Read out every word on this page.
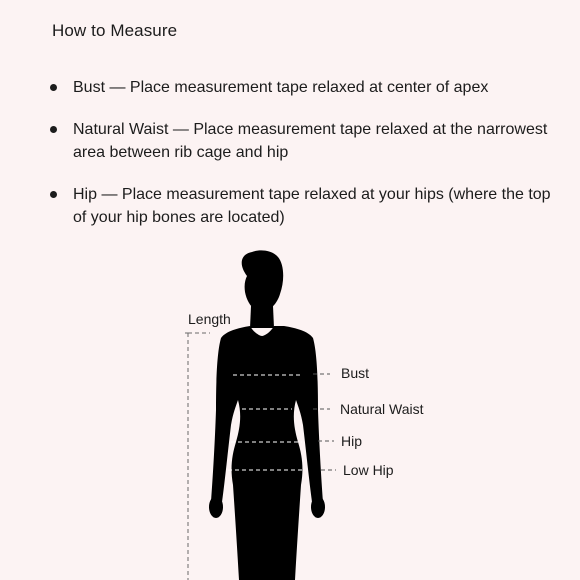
How to Measure
Bust — Place measurement tape relaxed at center of apex
Natural Waist — Place measurement tape relaxed at the narrowest area between rib cage and hip
Hip — Place measurement tape relaxed at your hips (where the top of your hip bones are located)
Length
Bust
Natural Waist
Hip
Low Hip
